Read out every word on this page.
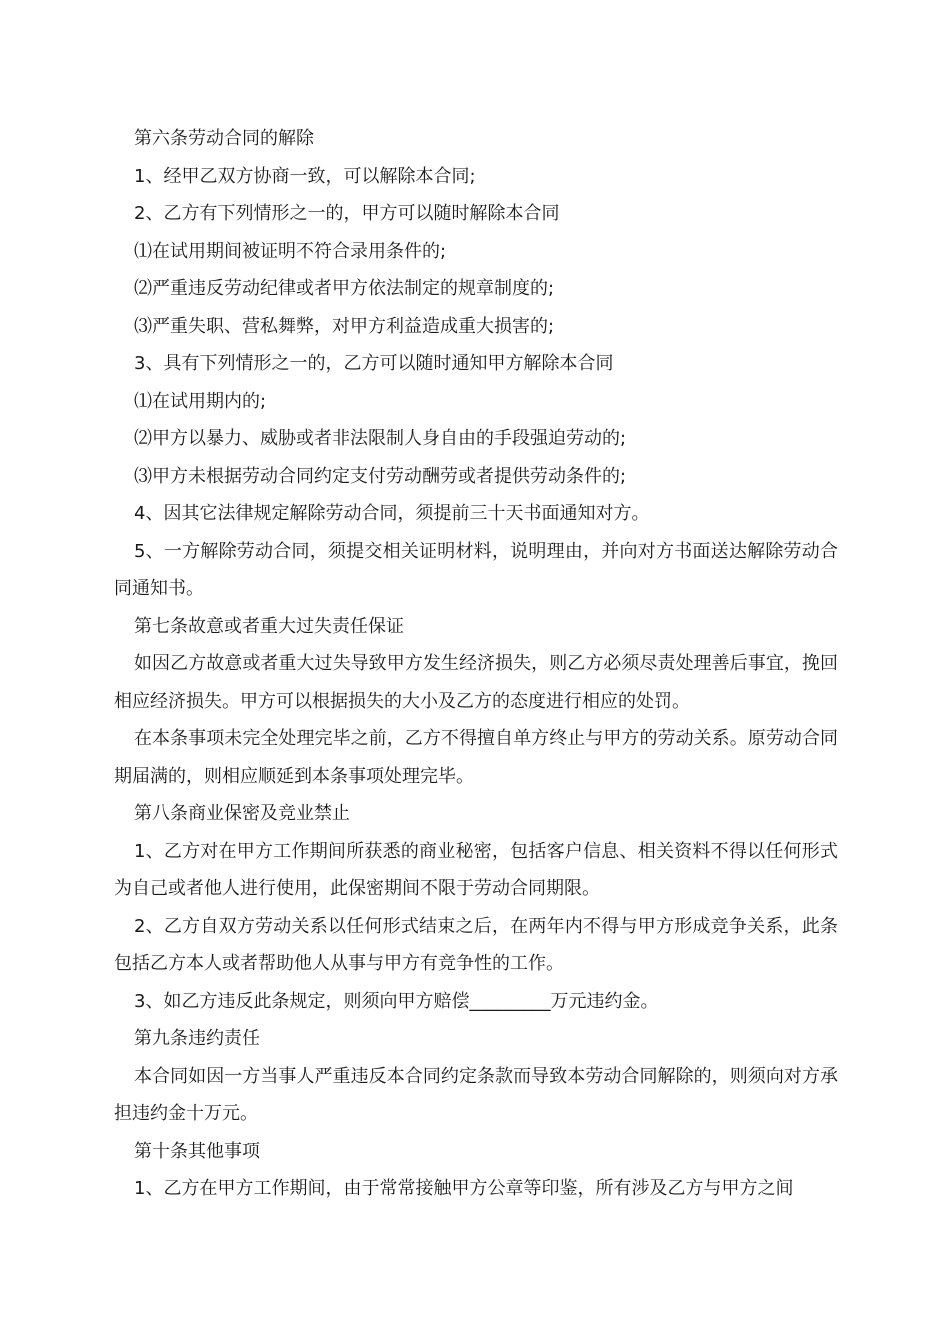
第六条劳动合同的解除

1、经甲乙双方协商一致，可以解除本合同;

2、乙方有下列情形之一的，甲方可以随时解除本合同

⑴在试用期间被证明不符合录用条件的;

⑵严重违反劳动纪律或者甲方依法制定的规章制度的;

⑶严重失职、营私舞弊，对甲方利益造成重大损害的;

3、具有下列情形之一的，乙方可以随时通知甲方解除本合同

⑴在试用期内的;

⑵甲方以暴力、威胁或者非法限制人身自由的手段强迫劳动的;

⑶甲方未根据劳动合同约定支付劳动酬劳或者提供劳动条件的;

4、因其它法律规定解除劳动合同，须提前三十天书面通知对方。

5、一方解除劳动合同，须提交相关证明材料，说明理由，并向对方书面送达解除劳动合同通知书。

第七条故意或者重大过失责任保证

如因乙方故意或者重大过失导致甲方发生经济损失，则乙方必须尽责处理善后事宜，挽回相应经济损失。甲方可以根据损失的大小及乙方的态度进行相应的处罚。

在本条事项未完全处理完毕之前，乙方不得擅自单方终止与甲方的劳动关系。原劳动合同期届满的，则相应顺延到本条事项处理完毕。

第八条商业保密及竞业禁止

1、乙方对在甲方工作期间所获悉的商业秘密，包括客户信息、相关资料不得以任何形式为自己或者他人进行使用，此保密期间不限于劳动合同期限。

2、乙方自双方劳动关系以任何形式结束之后，在两年内不得与甲方形成竞争关系，此条包括乙方本人或者帮助他人从事与甲方有竞争性的工作。

3、如乙方违反此条规定，则须向甲方赔偿_________万元违约金。

第九条违约责任

本合同如因一方当事人严重违反本合同约定条款而导致本劳动合同解除的，则须向对方承担违约金十万元。

第十条其他事项

1、乙方在甲方工作期间，由于常常接触甲方公章等印鉴，所有涉及乙方与甲方之间
